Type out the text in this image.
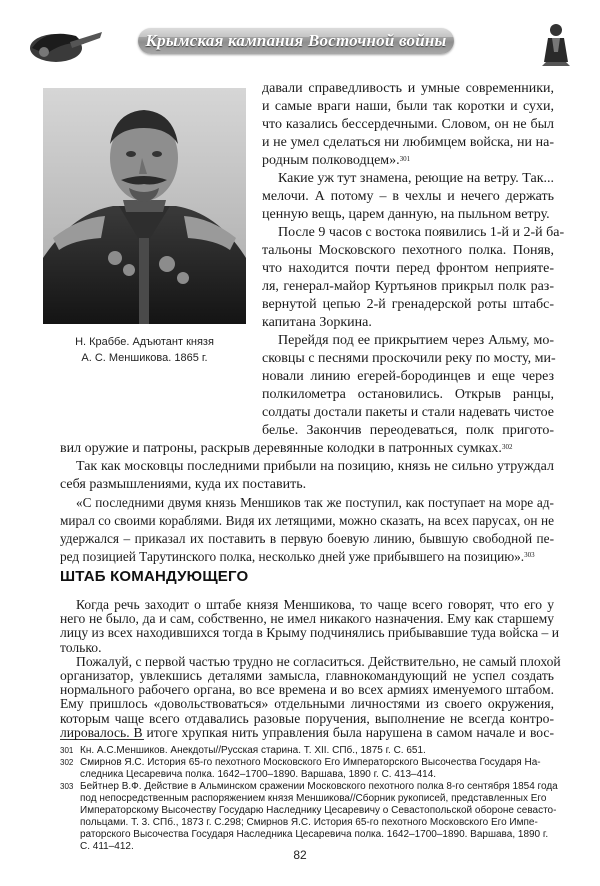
Крымская кампания Восточной войны
Н. Краббе. Адъютант князя
А. С. Меншикова. 1865 г.
давали справедливость и умные современники,
и самые враги наши, были так коротки и сухи,
что казались бессердечными. Словом, он не был
и не умел сделаться ни любимцем войска, ни на-
родным полководцем».$^{301}$
Какие уж тут знамена, реющие на ветру. Так...
мелочи. А потому – в чехлы и нечего держать
ценную вещь, царем данную, на пыльном ветру.
После 9 часов с востока появились 1-й и 2-й ба-
тальоны Московского пехотного полка. Поняв,
что находится почти перед фронтом неприяте-
ля, генерал-майор Куртьянов прикрыл полк раз-
вернутой цепью 2-й гренадерской роты штабс-
капитана Зоркина.
Перейдя под ее прикрытием через Альму, мо-
сковцы с песнями проскочили реку по мосту, ми-
новали линию егерей-бородинцев и еще через
полкилометра остановились. Открыв ранцы,
солдаты достали пакеты и стали надевать чистое
белье. Закончив переодеваться, полк пригото-
вил оружие и патроны, раскрыв деревянные колодки в патронных сумках.$^{302}$
Так как московцы последними прибыли на позицию, князь не сильно утруждал
себя размышлениями, куда их поставить.
«С последними двумя князь Меншиков так же поступил, как поступает на море ад-
мирал со своими кораблями. Видя их летящими, можно сказать, на всех парусах, он не
ШТАБ КОМАНДУЮЩЕГО
Когда речь заходит о штабе князя Меншикова, то чаще всего говорят, что его у
него не было, да и сам, собственно, не имел никакого назначения. Ему как старшему
лицу из всех находившихся тогда в Крыму подчинялись прибывавшие туда войска – и
только.
Пожалуй, с первой частью трудно не согласиться. Действительно, не самый плохой
организатор, увлекшись деталями замысла, главнокомандующий не успел создать
нормального рабочего органа, во все времена и во всех армиях именуемого штабом.
Ему пришлось «довольствоваться» отдельными личностями из своего окружения,
которым чаще всего отдавались разовые поручения, выполнение не всегда контро-
301 Кн. А.С.Меншиков. Анекдоты//Русская старина. Т. XII. СПб., 1875 г. С. 651.
302 Смирнов Я.С. История 65-го пехотного Московского Его Императорского Высочества Государя На-
следника Цесаревича полка. 1642–1700–1890. Варшава, 1890 г. С. 413–414.
303 Бейтнер В.Ф. Действие в Альминском сражении Московского пехотного полка 8-го сентября 1854 года
под непосредственным распоряжением князя Меншикова//Сборник рукописей, представленных Его
Императорскому Высочеству Государю Наследнику Цесаревичу о Севастопольской обороне севасто-
польцами. Т. 3. СПб., 1873 г. С.298; Смирнов Я.С. История 65-го пехотного Московского Его Импе-
раторского Высочества Государя Наследника Цесаревича полка. 1642–1700–1890. Варшава, 1890 г.
С. 411–412.
82
удержался – приказал их поставить в первую боевую линию, бывшую свободной пе-
ред позицией Тарутинского полка, несколько дней уже прибывшего на позицию».$^{303}$
лировалось. В итоге хрупкая нить управления была нарушена в самом начале и вос-
